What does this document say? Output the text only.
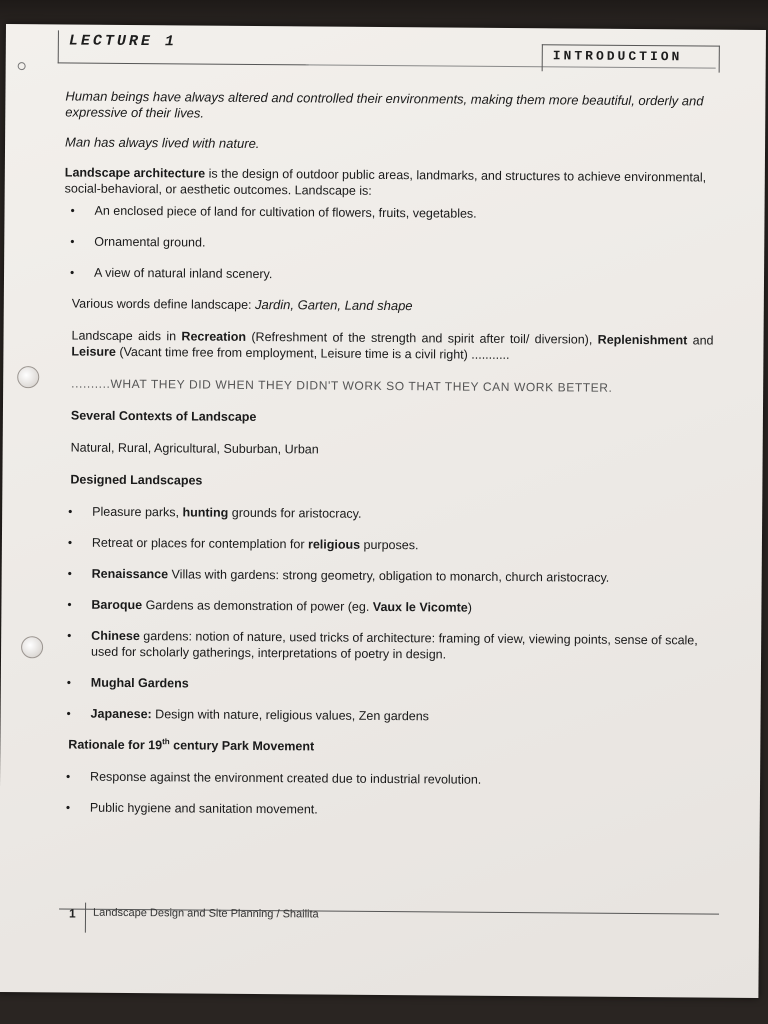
LECTURE 1
INTRODUCTION

Human beings have always altered and controlled their environments, making them more beautiful, orderly and expressive of their lives.

Man has always lived with nature.

Landscape architecture is the design of outdoor public areas, landmarks, and structures to achieve environmental, social-behavioral, or aesthetic outcomes. Landscape is:

• An enclosed piece of land for cultivation of flowers, fruits, vegetables.
• Ornamental ground.
• A view of natural inland scenery.

Various words define landscape: Jardin, Garten, Land shape

Landscape aids in Recreation (Refreshment of the strength and spirit after toil/ diversion), Replenishment and Leisure (Vacant time free from employment, Leisure time is a civil right) ...........

..........WHAT THEY DID WHEN THEY DIDN'T WORK SO THAT THEY CAN WORK BETTER.

Several Contexts of Landscape

Natural, Rural, Agricultural, Suburban, Urban

Designed Landscapes

• Pleasure parks, hunting grounds for aristocracy.
• Retreat or places for contemplation for religious purposes.
• Renaissance Villas with gardens: strong geometry, obligation to monarch, church aristocracy.
• Baroque Gardens as demonstration of power (eg. Vaux le Vicomte)
• Chinese gardens: notion of nature, used tricks of architecture: framing of view, viewing points, sense of scale, used for scholarly gatherings, interpretations of poetry in design.
• Mughal Gardens
• Japanese: Design with nature, religious values, Zen gardens

Rationale for 19th century Park Movement

• Response against the environment created due to industrial revolution.
• Public hygiene and sanitation movement.
1 Landscape Design and Site Planning / Shailita
